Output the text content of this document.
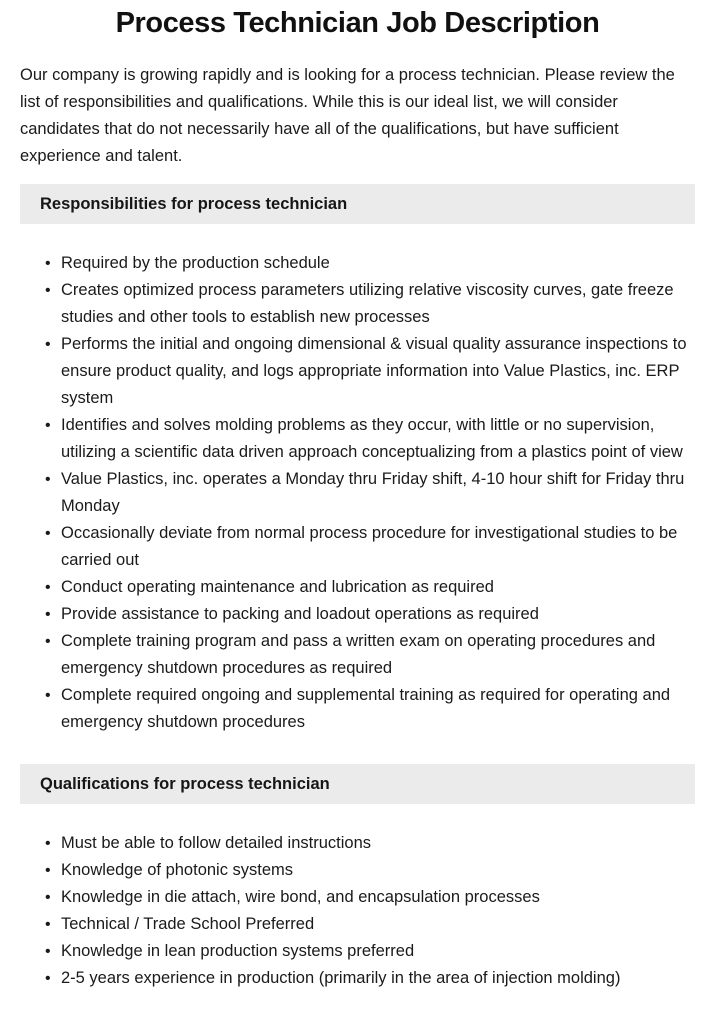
Process Technician Job Description

Our company is growing rapidly and is looking for a process technician. Please review the list of responsibilities and qualifications. While this is our ideal list, we will consider candidates that do not necessarily have all of the qualifications, but have sufficient experience and talent.

Responsibilities for process technician
• Required by the production schedule
• Creates optimized process parameters utilizing relative viscosity curves, gate freeze studies and other tools to establish new processes
• Performs the initial and ongoing dimensional & visual quality assurance inspections to ensure product quality, and logs appropriate information into Value Plastics, inc. ERP system
• Identifies and solves molding problems as they occur, with little or no supervision, utilizing a scientific data driven approach conceptualizing from a plastics point of view
• Value Plastics, inc. operates a Monday thru Friday shift, 4-10 hour shift for Friday thru Monday
• Occasionally deviate from normal process procedure for investigational studies to be carried out
• Conduct operating maintenance and lubrication as required
• Provide assistance to packing and loadout operations as required
• Complete training program and pass a written exam on operating procedures and emergency shutdown procedures as required
• Complete required ongoing and supplemental training as required for operating and emergency shutdown procedures
Qualifications for process technician
• Must be able to follow detailed instructions
• Knowledge of photonic systems
• Knowledge in die attach, wire bond, and encapsulation processes
• Technical / Trade School Preferred
• Knowledge in lean production systems preferred
• 2-5 years experience in production (primarily in the area of injection molding)
